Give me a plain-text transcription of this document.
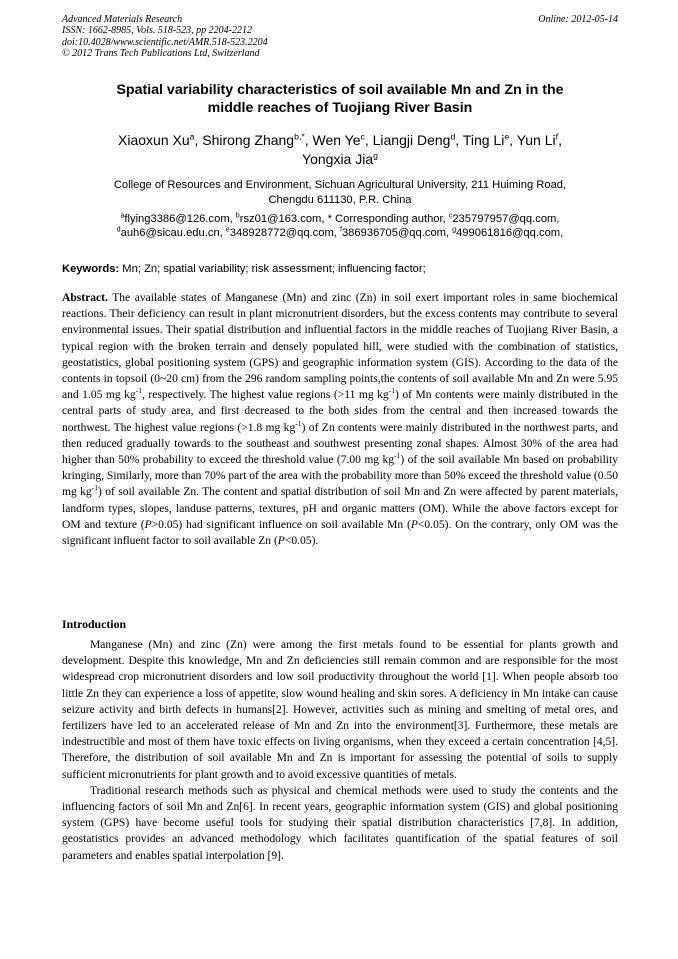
Advanced Materials Research
ISSN: 1662-8985, Vols. 518-523, pp 2204-2212
doi:10.4028/www.scientific.net/AMR.518-523.2204
© 2012 Trans Tech Publications Ltd, Switzerland
Online: 2012-05-14
Spatial variability characteristics of soil available Mn and Zn in the
middle reaches of Tuojiang River Basin
Xiaoxun Xu$^a$, Shirong Zhang$^{b,*}$, Wen Ye$^c$, Liangji Deng$^d$, Ting Li$^e$, Yun Li$^f$,
Yongxia Jia$^g$
College of Resources and Environment, Sichuan Agricultural University, 211 Huiming Road,
Chengdu 611130, P.R. China
$^a$flying3386@126.com, $^b$rsz01@163.com, * Corresponding author, $^c$235797957@qq.com,
$^d$auh6@sicau.edu.cn, $^e$348928772@qq.com, $^f$386936705@qq.com, $^g$499061816@qq.com,
Keywords: Mn; Zn; spatial variability; risk assessment; influencing factor;

Abstract. The available states of Manganese (Mn) and zinc (Zn) in soil exert important roles in same biochemical reactions. Their deficiency can result in plant micronutrient disorders, but the excess contents may contribute to several environmental issues. Their spatial distribution and influential factors in the middle reaches of Tuojiang River Basin, a typical region with the broken terrain and densely populated hill, were studied with the combination of statistics, geostatistics, global positioning system (GPS) and geographic information system (GIS). According to the data of the contents in topsoil (0~20 cm) from the 296 random sampling points,the contents of soil available Mn and Zn were 5.95 and 1.05 mg $kg^{-1}$, respectively. The highest value regions (>11 mg $kg^{-1}$) of Mn contents were mainly distributed in the central parts of study area, and first decreased to the both sides from the central and then increased towards the northwest. The highest value regions (>1.8 mg $kg^{-1}$) of Zn contents were mainly distributed in the northwest parts, and then reduced gradually towards to the southeast and southwest presenting zonal shapes. Almost 30% of the area had higher than 50% probability to exceed the threshold value (7.00 mg $kg^{-1}$) of the soil available Mn based on probability kringing, Similarly, more than 70% part of the area with the probability more than 50% exceed the threshold value (0.50 mg $kg^{-1}$) of soil available Zn. The content and spatial distribution of soil Mn and Zn were affected by parent materials, landform types, slopes, landuse patterns, textures, pH and organic matters (OM). While the above factors except for OM and texture (P>0.05) had significant influence on soil available Mn (P<0.05). On the contrary, only OM was the significant influent factor to soil available Zn (P<0.05).

Introduction

Manganese (Mn) and zinc (Zn) were among the first metals found to be essential for plants growth and development. Despite this knowledge, Mn and Zn deficiencies still remain common and are responsible for the most widespread crop micronutrient disorders and low soil productivity throughout the world [1]. When people absorb too little Zn they can experience a loss of appetite, slow wound healing and skin sores. A deficiency in Mn intake can cause seizure activity and birth defects in humans[2]. However, activities such as mining and smelting of metal ores, and fertilizers have led to an accelerated release of Mn and Zn into the environment[3]. Furthermore, these metals are indestructible and most of them have toxic effects on living organisms, when they exceed a certain concentration [4,5]. Therefore, the distribution of soil available Mn and Zn is important for assessing the potential of soils to supply sufficient micronutrients for plant growth and to avoid excessive quantities of metals.

Traditional research methods such as physical and chemical methods were used to study the contents and the influencing factors of soil Mn and Zn[6]. In recent years, geographic information system (GIS) and global positioning system (GPS) have become useful tools for studying their spatial distribution characteristics [7,8]. In addition, geostatistics provides an advanced methodology which facilitates quantification of the spatial features of soil parameters and enables spatial interpolation [9].
